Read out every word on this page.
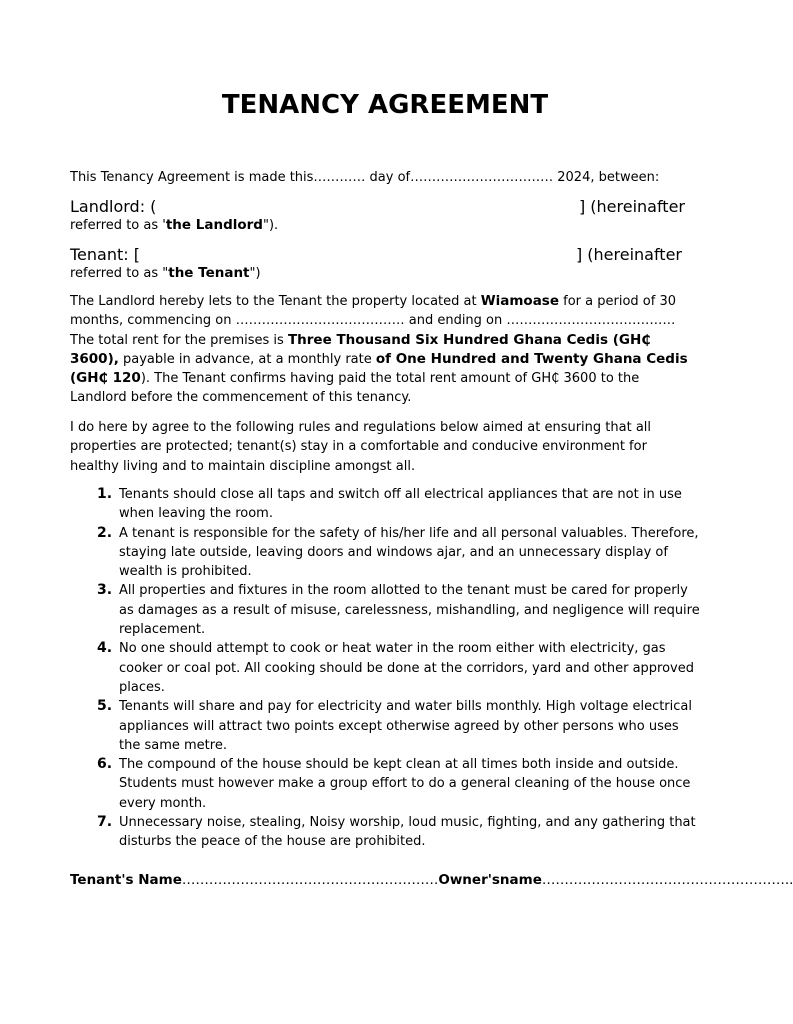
TENANCY AGREEMENT

This Tenancy Agreement is made this………… day of…………………………… 2024, between:

Landlord: (	] (hereinafter

referred to as 'the Landlord").

Tenant: [	] (hereinafter

referred to as "the Tenant")

The Landlord hereby lets to the Tenant the property located at Wiamoase for a period of 30 months, commencing on ………………………………… and ending on ………………………………… The total rent for the premises is Three Thousand Six Hundred Ghana Cedis (GH₵ 3600), payable in advance, at a monthly rate of One Hundred and Twenty Ghana Cedis (GH₵ 120). The Tenant confirms having paid the total rent amount of GH₵ 3600 to the Landlord before the commencement of this tenancy.

I do here by agree to the following rules and regulations below aimed at ensuring that all properties are protected; tenant(s) stay in a comfortable and conducive environment for healthy living and to maintain discipline amongst all.

1. Tenants should close all taps and switch off all electrical appliances that are not in use when leaving the room.
2. A tenant is responsible for the safety of his/her life and all personal valuables. Therefore, staying late outside, leaving doors and windows ajar, and an unnecessary display of wealth is prohibited.
3. All properties and fixtures in the room allotted to the tenant must be cared for properly as damages as a result of misuse, carelessness, mishandling, and negligence will require replacement.
4. No one should attempt to cook or heat water in the room either with electricity, gas cooker or coal pot. All cooking should be done at the corridors, yard and other approved places.
5. Tenants will share and pay for electricity and water bills monthly. High voltage electrical appliances will attract two points except otherwise agreed by other persons who uses the same metre.
6. The compound of the house should be kept clean at all times both inside and outside. Students must however make a group effort to do a general cleaning of the house once every month.
7. Unnecessary noise, stealing, Noisy worship, loud music, fighting, and any gathering that disturbs the peace of the house are prohibited.
Tenant's Name…………………………………………………Owner'sname………………………………………………..
